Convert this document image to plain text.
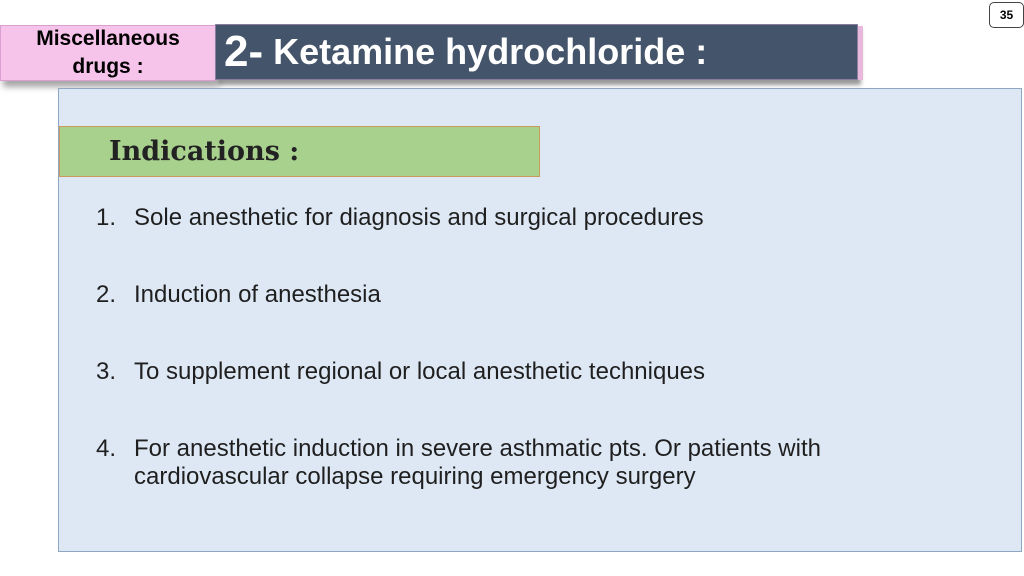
35
Miscellaneous drugs :	2- Ketamine hydrochloride :
Indications :
1. Sole anesthetic for diagnosis and surgical procedures
2. Induction of anesthesia
3. To supplement regional or local anesthetic techniques
4. For anesthetic induction in severe asthmatic pts. Or patients with cardiovascular collapse requiring emergency surgery
